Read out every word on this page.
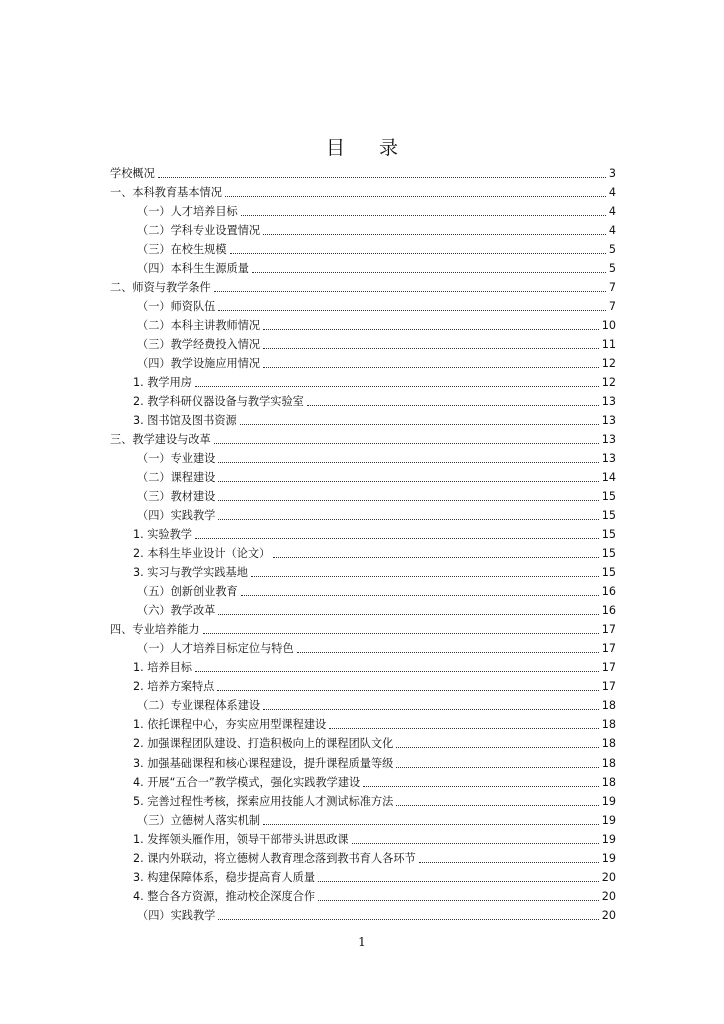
目 录
学校概况	3
一、本科教育基本情况	4
（一）人才培养目标	4
（二）学科专业设置情况	4
（三）在校生规模	5
（四）本科生生源质量	5
二、师资与教学条件	7
（一）师资队伍	7
（二）本科主讲教师情况	10
（三）教学经费投入情况	11
（四）教学设施应用情况	12
1. 教学用房	12
2. 教学科研仪器设备与教学实验室	13
3. 图书馆及图书资源	13
三、教学建设与改革	13
（一）专业建设	13
（二）课程建设	14
（三）教材建设	15
（四）实践教学	15
1. 实验教学	15
2. 本科生毕业设计（论文）	15
3. 实习与教学实践基地	15
（五）创新创业教育	16
（六）教学改革	16
四、专业培养能力	17
（一）人才培养目标定位与特色	17
1. 培养目标	17
2. 培养方案特点	17
（二）专业课程体系建设	18
1. 依托课程中心，夯实应用型课程建设	18
2. 加强课程团队建设、打造积极向上的课程团队文化	18
3. 加强基础课程和核心课程建设，提升课程质量等级	18
4. 开展“五合一”教学模式，强化实践教学建设	18
5. 完善过程性考核，探索应用技能人才测试标准方法	19
（三）立德树人落实机制	19
1. 发挥领头雁作用，领导干部带头讲思政课	19
2. 课内外联动，将立德树人教育理念落到教书育人各环节	19
3. 构建保障体系，稳步提高育人质量	20
4. 整合各方资源，推动校企深度合作	20
（四）实践教学	20
1
